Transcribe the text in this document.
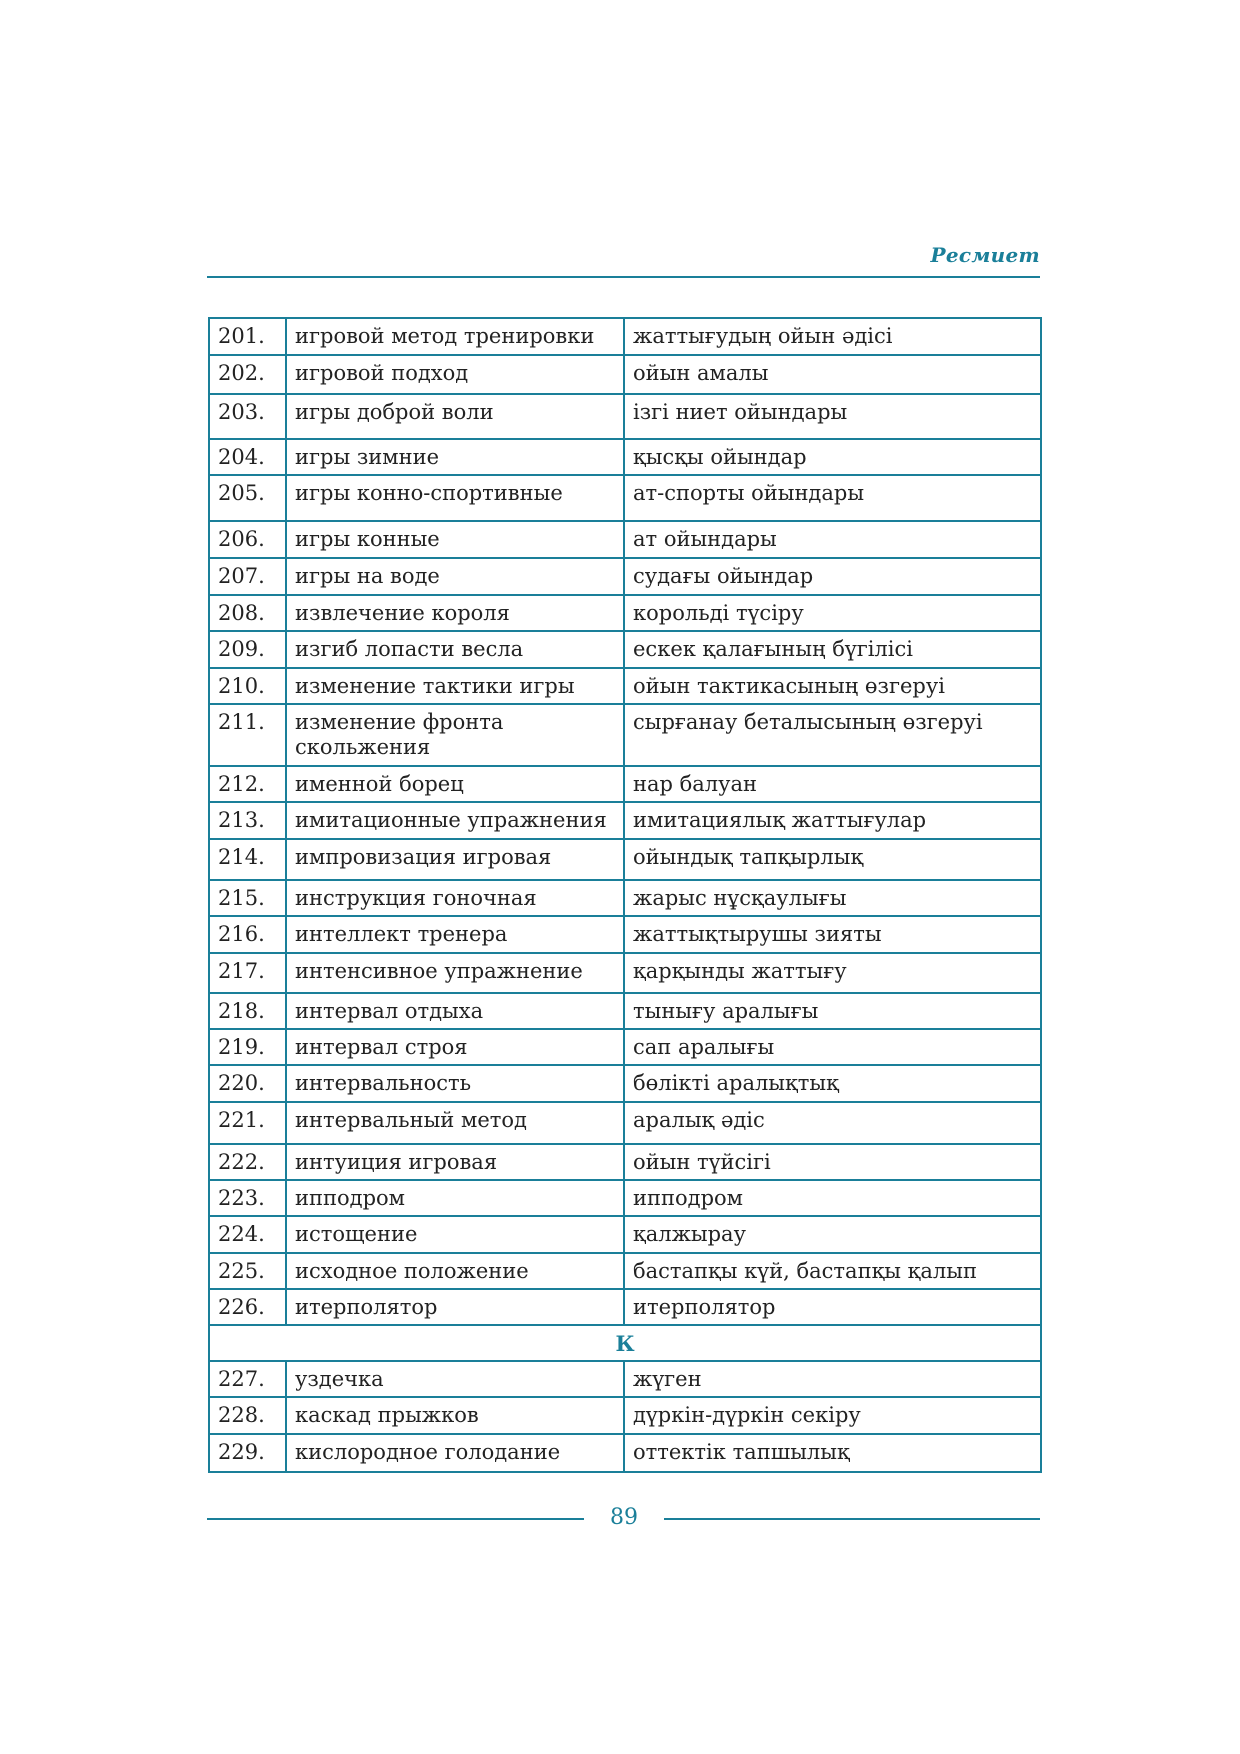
Ресмиет
201.	игровой метод тренировки	жаттығудың ойын әдісі
202.	игровой подход	ойын амалы
203.	игры доброй воли	ізгі ниет ойындары
204.	игры зимние	қысқы ойындар
205.	игры конно-спортивные	ат-спорты ойындары
206.	игры конные	ат ойындары
207.	игры на воде	судағы ойындар
208.	извлечение короля	корольді түсіру
209.	изгиб лопасти весла	ескек қалағының бүгілісі
210.	изменение тактики игры	ойын тактикасының өзгеруі
211.	изменение фронта скольжения	сырғанау беталысының өзгеруі
212.	именной борец	нар балуан
213.	имитационные упражнения	имитациялық жаттығулар
214.	импровизация игровая	ойындық тапқырлық
215.	инструкция гоночная	жарыс нұсқаулығы
216.	интеллект тренера	жаттықтырушы зияты
217.	интенсивное упражнение	қарқынды жаттығу
218.	интервал отдыха	тынығу аралығы
219.	интервал строя	сап аралығы
220.	интервальность	бөлікті аралықтық
221.	интервальный метод	аралық әдіс
222.	интуиция игровая	ойын түйсігі
223.	ипподром	ипподром
224.	истощение	қалжырау
225.	исходное положение	бастапқы күй, бастапқы қалып
226.	итерполятор	итерполятор
К		
227.	уздечка	жүген
228.	каскад прыжков	дүркін-дүркін секіру
229.	кислородное голодание	оттектік тапшылық
89
